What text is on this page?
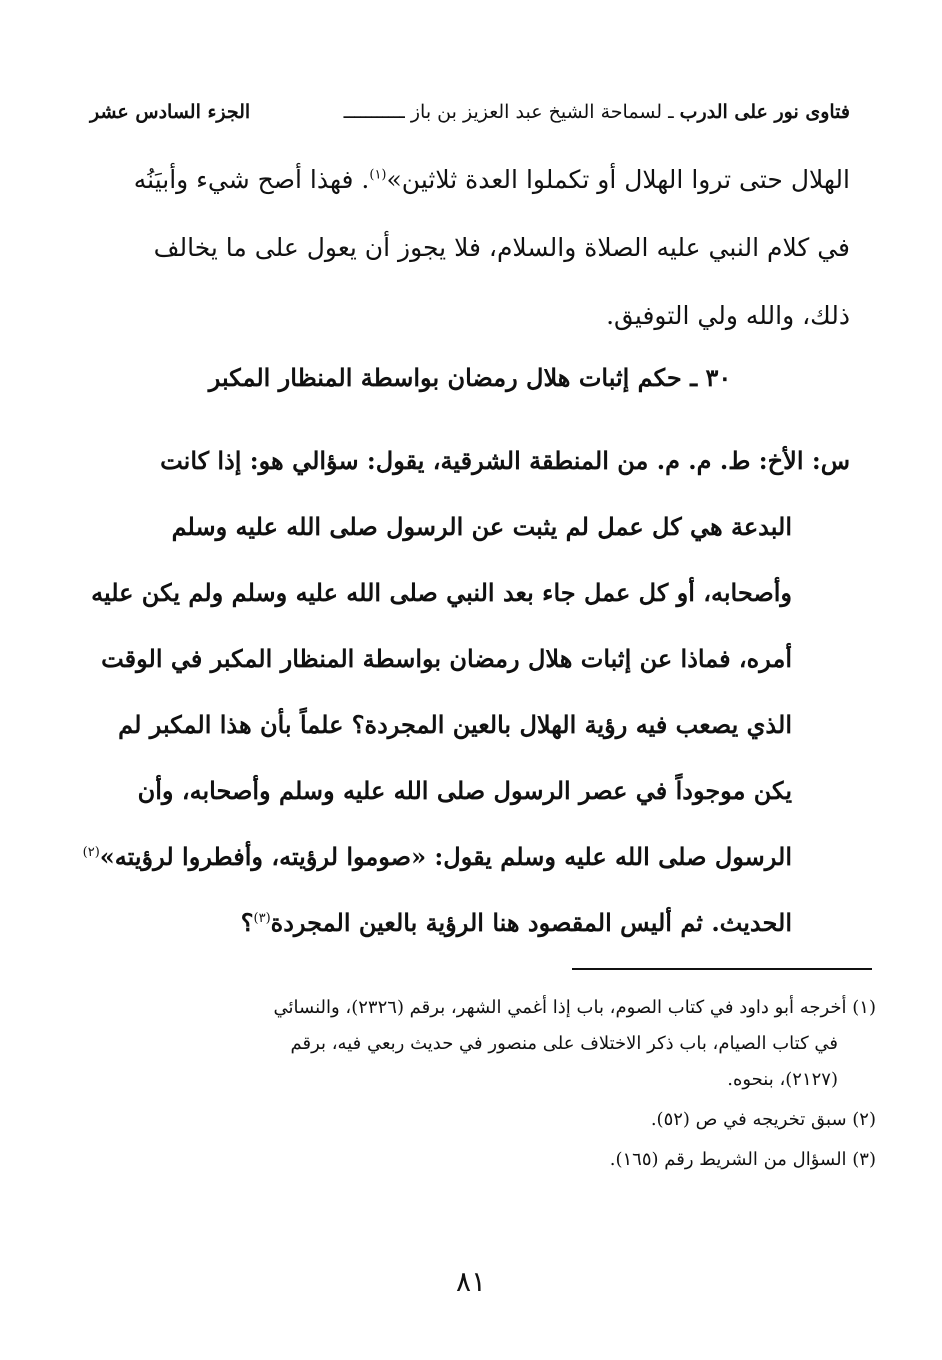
فتاوى نور على الدرب
ـ
لسماحة الشيخ عبد العزيز بن باز
ـــــــــــ
الجزء السادس عشر
الهلال حتى تروا الهلال أو تكملوا العدة ثلاثين»$^{(١)}$. فهذا أصح شيء وأبيَنُه
في كلام النبي عليه الصلاة والسلام، فلا يجوز أن يعول على ما يخالف
ذلك، والله ولي التوفيق.
٣٠ ـ حكم إثبات هلال رمضان بواسطة المنظار المكبر
س: الأخ: ط. م. م. من المنطقة الشرقية، يقول: سؤالي هو: إذا كانت
البدعة هي كل عمل لم يثبت عن الرسول صلى الله عليه وسلم
وأصحابه، أو كل عمل جاء بعد النبي صلى الله عليه وسلم ولم يكن عليه
أمره، فماذا عن إثبات هلال رمضان بواسطة المنظار المكبر في الوقت
الذي يصعب فيه رؤية الهلال بالعين المجردة؟ علماً بأن هذا المكبر لم
يكن موجوداً في عصر الرسول صلى الله عليه وسلم وأصحابه، وأن
الرسول صلى الله عليه وسلم يقول: «صوموا لرؤيته، وأفطروا لرؤيته»$^{(٢)}$
الحديث. ثم أليس المقصود هنا الرؤية بالعين المجردة$^{(٣)}$؟
(١) أخرجه أبو داود في كتاب الصوم، باب إذا أغمي الشهر، برقم (٢٣٢٦)، والنسائي
في كتاب الصيام، باب ذكر الاختلاف على منصور في حديث ربعي فيه، برقم
(٢١٢٧)، بنحوه.
(٢) سبق تخريجه في ص (٥٢).
(٣) السؤال من الشريط رقم (١٦٥).
٨١
